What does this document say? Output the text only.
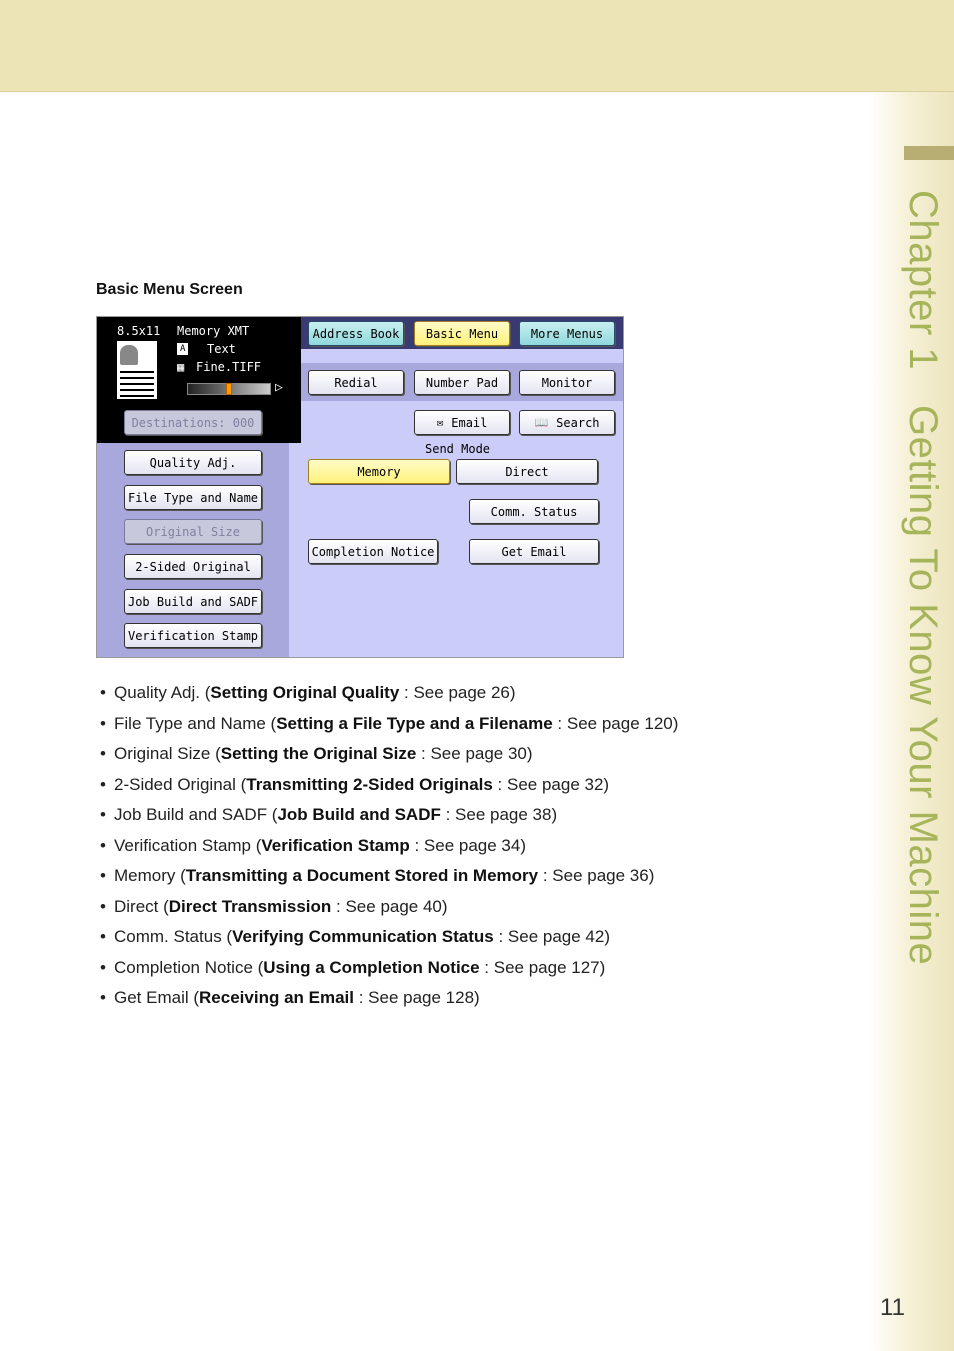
Chapter 1   Getting To Know Your Machine
11
Basic Menu Screen
8.5x11 Memory XMT
A Text
▦ Fine.TIFF
▷
Destinations: 000
Address Book	Basic Menu	More Menus
Redial	Number Pad	Monitor
✉ Email	📖 Search
Send Mode
Memory	Direct
Comm. Status
Completion Notice	Get Email
Quality Adj.
File Type and Name
Original Size
2-Sided Original
Job Build and SADF
Verification Stamp
• Quality Adj. (Setting Original Quality : See page 26)
• File Type and Name (Setting a File Type and a Filename : See page 120)
• Original Size (Setting the Original Size : See page 30)
• 2-Sided Original (Transmitting 2-Sided Originals : See page 32)
• Job Build and SADF (Job Build and SADF : See page 38)
• Verification Stamp (Verification Stamp : See page 34)
• Memory (Transmitting a Document Stored in Memory : See page 36)
• Direct (Direct Transmission : See page 40)
• Comm. Status (Verifying Communication Status : See page 42)
• Completion Notice (Using a Completion Notice : See page 127)
• Get Email (Receiving an Email : See page 128)
